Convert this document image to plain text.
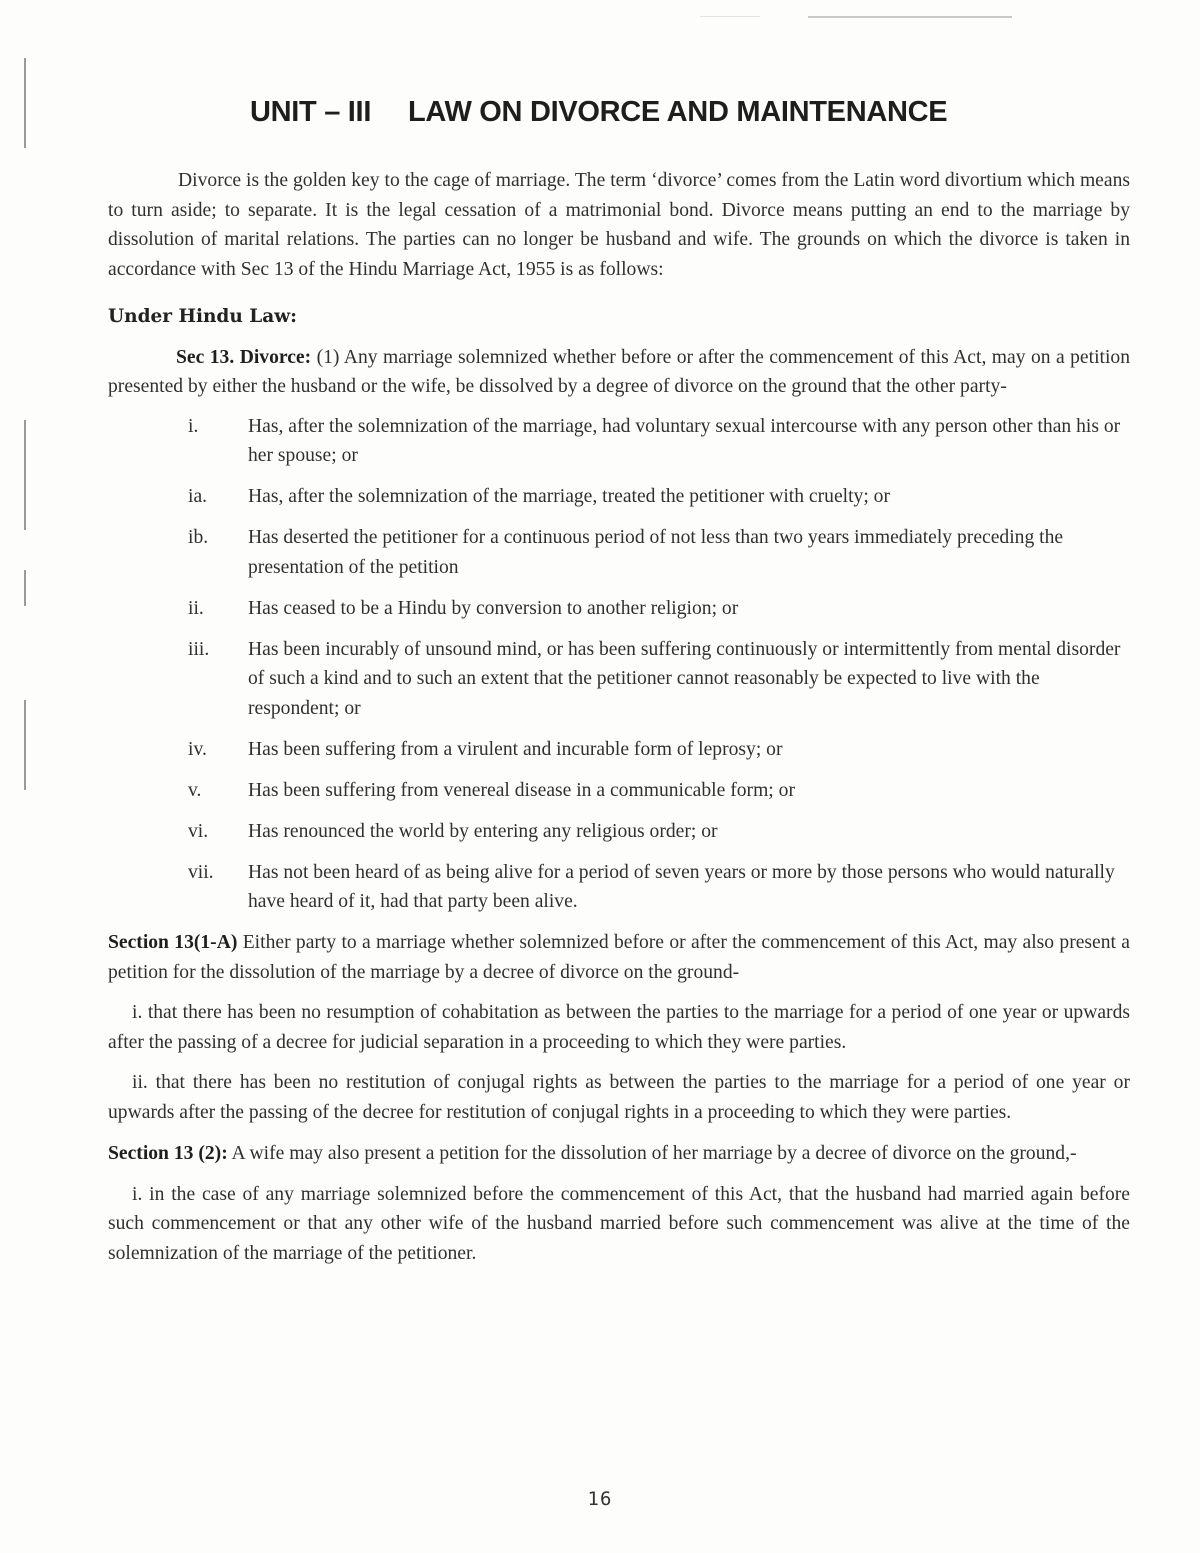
UNIT – III LAW ON DIVORCE AND MAINTENANCE

Divorce is the golden key to the cage of marriage. The term ‘divorce’ comes from the Latin word divortium which means to turn aside; to separate. It is the legal cessation of a matrimonial bond. Divorce means putting an end to the marriage by dissolution of marital relations. The parties can no longer be husband and wife. The grounds on which the divorce is taken in accordance with Sec 13 of the Hindu Marriage Act, 1955 is as follows:

Under Hindu Law:

Sec 13. Divorce: (1) Any marriage solemnized whether before or after the commencement of this Act, may on a petition presented by either the husband or the wife, be dissolved by a degree of divorce on the ground that the other party-

i.	Has, after the solemnization of the marriage, had voluntary sexual intercourse with any person other than his or her spouse; or
ia. Has, after the solemnization of the marriage, treated the petitioner with cruelty; or
ib. Has deserted the petitioner for a continuous period of not less than two years immediately preceding the presentation of the petition
ii. Has ceased to be a Hindu by conversion to another religion; or
iii. Has been incurably of unsound mind, or has been suffering continuously or intermittently from mental disorder of such a kind and to such an extent that the petitioner cannot reasonably be expected to live with the respondent; or
iv. Has been suffering from a virulent and incurable form of leprosy; or
v. Has been suffering from venereal disease in a communicable form; or
vi. Has renounced the world by entering any religious order; or
vii. Has not been heard of as being alive for a period of seven years or more by those persons who would naturally have heard of it, had that party been alive.

Section 13(1-A) Either party to a marriage whether solemnized before or after the commencement of this Act, may also present a petition for the dissolution of the marriage by a decree of divorce on the ground-

i. that there has been no resumption of cohabitation as between the parties to the marriage for a period of one year or upwards after the passing of a decree for judicial separation in a proceeding to which they were parties.

ii. that there has been no restitution of conjugal rights as between the parties to the marriage for a period of one year or upwards after the passing of the decree for restitution of conjugal rights in a proceeding to which they were parties.

Section 13 (2): A wife may also present a petition for the dissolution of her marriage by a decree of divorce on the ground,-

i. in the case of any marriage solemnized before the commencement of this Act, that the husband had married again before such commencement or that any other wife of the husband married before such commencement was alive at the time of the solemnization of the marriage of the petitioner.

16
